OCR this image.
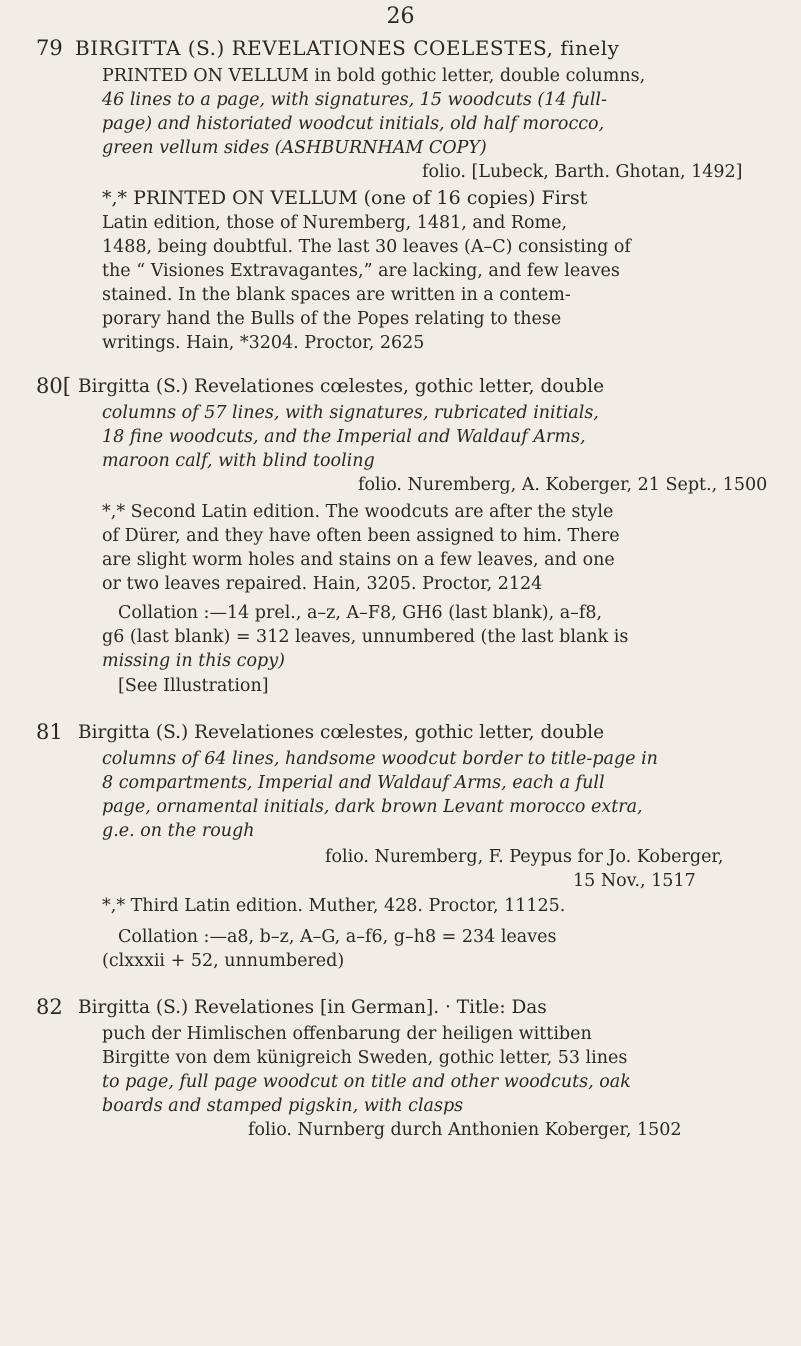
26
79 BIRGITTA (S.) REVELATIONES COELESTES, finely
PRINTED ON VELLUM in bold gothic letter, double columns,
46 lines to a page, with signatures, 15 woodcuts (14 full-
page) and historiated woodcut initials, old half morocco,
green vellum sides (ASHBURNHAM COPY)
folio. [Lubeck, Barth. Ghotan, 1492]
*,* PRINTED ON VELLUM (one of 16 copies) First
Latin edition, those of Nuremberg, 1481, and Rome,
1488, being doubtful. The last 30 leaves (A–C) consisting of
the “ Visiones Extravagantes,” are lacking, and few leaves
stained. In the blank spaces are written in a contem-
porary hand the Bulls of the Popes relating to these
writings. Hain, *3204. Proctor, 2625
80[ Birgitta (S.) Revelationes cœlestes, gothic letter, double
columns of 57 lines, with signatures, rubricated initials,
18 fine woodcuts, and the Imperial and Waldauf Arms,
maroon calf, with blind tooling
folio. Nuremberg, A. Koberger, 21 Sept., 1500
*,* Second Latin edition. The woodcuts are after the style
of Dürer, and they have often been assigned to him. There
are slight worm holes and stains on a few leaves, and one
or two leaves repaired. Hain, 3205. Proctor, 2124
Collation :—14 prel., a–z, A–F8, GH6 (last blank), a–f8,
g6 (last blank) = 312 leaves, unnumbered (the last blank is
missing in this copy)
[See Illustration]
81 Birgitta (S.) Revelationes cœlestes, gothic letter, double
columns of 64 lines, handsome woodcut border to title-page in
8 compartments, Imperial and Waldauf Arms, each a full
page, ornamental initials, dark brown Levant morocco extra,
g.e. on the rough
folio. Nuremberg, F. Peypus for Jo. Koberger,
15 Nov., 1517
*,* Third Latin edition. Muther, 428. Proctor, 11125.
Collation :—a8, b–z, A–G, a–f6, g–h8 = 234 leaves
(clxxxii + 52, unnumbered)
82 Birgitta (S.) Revelationes [in German]. · Title: Das
puch der Himlischen offenbarung der heiligen wittiben
Birgitte von dem künigreich Sweden, gothic letter, 53 lines
to page, full page woodcut on title and other woodcuts, oak
boards and stamped pigskin, with clasps
folio. Nurnberg durch Anthonien Koberger, 1502
